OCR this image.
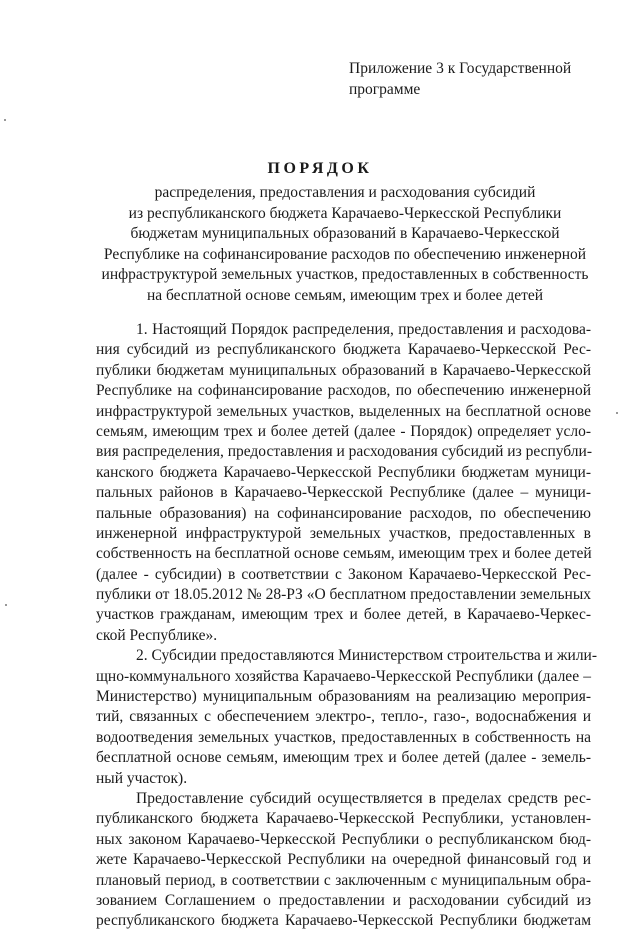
Приложение 3 к Государственной
программе
ПОРЯДОК
распределения, предоставления и расходования субсидий
из республиканского бюджета Карачаево-Черкесской Республики
бюджетам муниципальных образований в Карачаево-Черкесской
Республике на софинансирование расходов по обеспечению инженерной
инфраструктурой земельных участков, предоставленных в собственность
на бесплатной основе семьям, имеющим трех и более детей
1. Настоящий Порядок распределения, предоставления и расходова-
ния субсидий из республиканского бюджета Карачаево-Черкесской Рес-
публики бюджетам муниципальных образований в Карачаево-Черкесской
Республике на софинансирование расходов, по обеспечению инженерной
инфраструктурой земельных участков, выделенных на бесплатной основе
семьям, имеющим трех и более детей (далее - Порядок) определяет усло-
вия распределения, предоставления и расходования субсидий из республи-
канского бюджета Карачаево-Черкесской Республики бюджетам муници-
пальных районов в Карачаево-Черкесской Республике (далее – муници-
пальные образования) на софинансирование расходов, по обеспечению
инженерной инфраструктурой земельных участков, предоставленных в
собственность на бесплатной основе семьям, имеющим трех и более детей
(далее - субсидии) в соответствии с Законом Карачаево-Черкесской Рес-
публики от 18.05.2012 № 28-РЗ «О бесплатном предоставлении земельных
участков гражданам, имеющим трех и более детей, в Карачаево-Черкес-
ской Республике».
2. Субсидии предоставляются Министерством строительства и жили-
щно-коммунального хозяйства Карачаево-Черкесской Республики (далее –
Министерство) муниципальным образованиям на реализацию мероприя-
тий, связанных с обеспечением электро-, тепло-, газо-, водоснабжения и
водоотведения земельных участков, предоставленных в собственность на
бесплатной основе семьям, имеющим трех и более детей (далее - земель-
ный участок).
Предоставление субсидий осуществляется в пределах средств рес-
публиканского бюджета Карачаево-Черкесской Республики, установлен-
ных законом Карачаево-Черкесской Республики о республиканском бюд-
жете Карачаево-Черкесской Республики на очередной финансовый год и
плановый период, в соответствии с заключенным с муниципальным обра-
зованием Соглашением о предоставлении и расходовании субсидий из
республиканского бюджета Карачаево-Черкесской Республики бюджетам
